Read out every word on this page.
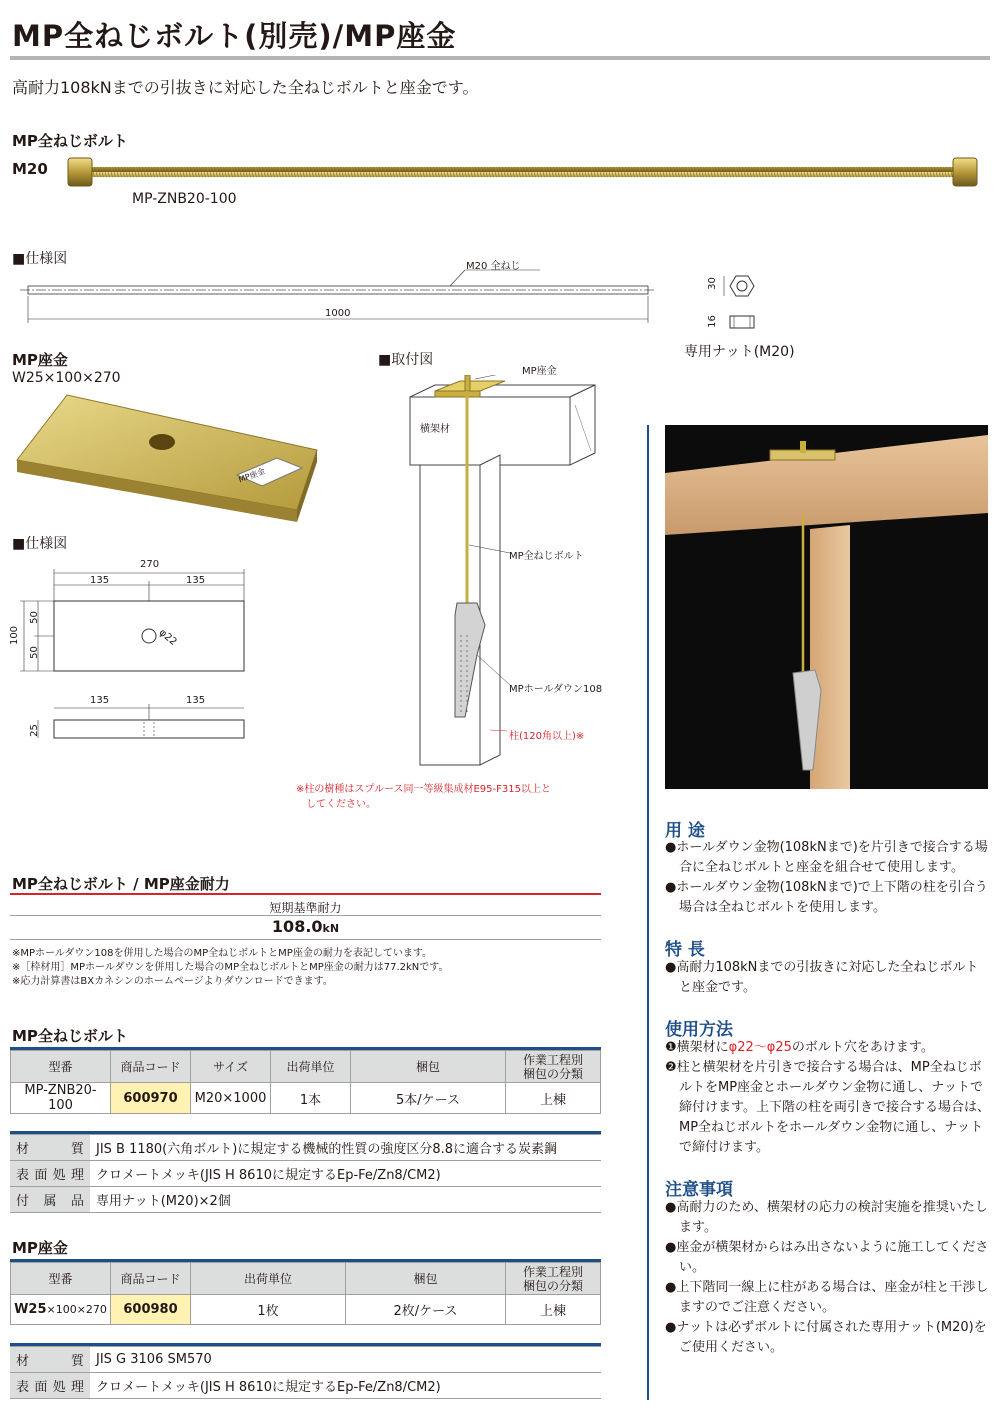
MP全ねじボルト(別売)/MP座金
高耐力108kNまでの引抜きに対応した全ねじボルトと座金です。
MP全ねじボルト
M20
MP-ZNB20-100
■仕様図	M20 全ねじ
1000
30
16
専用ナット(M20)
MP座金
W25×100×270
MP座金
■仕様図
270
135	135
100
50
50
φ22
135	135
25
■取付図
MP座金
横架材
MP全ねじボルト
MPホールダウン108
柱(120角以上)※
※柱の樹種はスプルース同一等級集成材E95-F315以上と
してください。
MP全ねじボルト / MP座金耐力
短期基準耐力
108.0kN
※MPホールダウン108を併用した場合のMP全ねじボルトとMP座金の耐力を表記しています。
※［枠材用］MPホールダウンを併用した場合のMP全ねじボルトとMP座金の耐力は77.2kNです。
※応力計算書はBXカネシンのホームページよりダウンロードできます。
MP全ねじボルト
型番	商品コード	サイズ	出荷単位	梱包	作業工程別
梱包の分類
MP-ZNB20-100	600970	M20×1000	1本	5本/ケース	上棟
材質	JIS B 1180(六角ボルト)に規定する機械的性質の強度区分8.8に適合する炭素鋼
表面処理	クロメートメッキ(JIS H 8610に規定するEp-Fe/Zn8/CM2)
付属品	専用ナット(M20)×2個
MP座金
型番	商品コード	出荷単位	梱包	作業工程別
梱包の分類
W25×100×270	600980	1枚	2枚/ケース	上棟
材質	JIS G 3106 SM570
表面処理	クロメートメッキ(JIS H 8610に規定するEp-Fe/Zn8/CM2)
用 途

●ホールダウン金物(108kNまで)を片引きで接合する場合に全ねじボルトと座金を組合せて使用します。

●ホールダウン金物(108kNまで)で上下階の柱を引合う場合は全ねじボルトを使用します。

特 長

●高耐力108kNまでの引抜きに対応した全ねじボルトと座金です。

使用方法

❶横架材にφ22〜φ25のボルト穴をあけます。

❷柱と横架材を片引きで接合する場合は、MP全ねじボルトをMP座金とホールダウン金物に通し、ナットで締付けます。上下階の柱を両引きで接合する場合は、MP全ねじボルトをホールダウン金物に通し、ナットで締付けます。

注意事項

●高耐力のため、横架材の応力の検討実施を推奨いたします。

●座金が横架材からはみ出さないように施工してください。

●上下階同一線上に柱がある場合は、座金が柱と干渉しますのでご注意ください。

●ナットは必ずボルトに付属された専用ナット(M20)をご使用ください。
